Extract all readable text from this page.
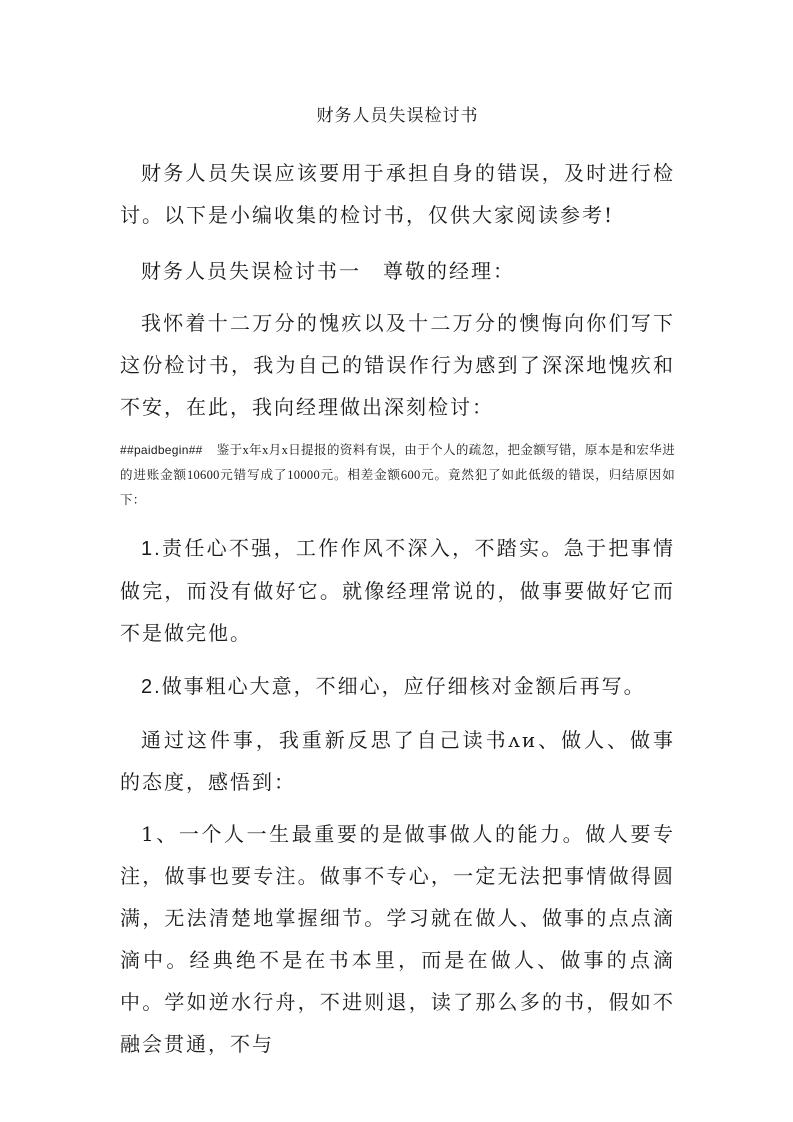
财务人员失误检讨书

财务人员失误应该要用于承担自身的错误，及时进行检讨。以下是小编收集的检讨书，仅供大家阅读参考!

财务人员失误检讨书一　尊敬的经理：

我怀着十二万分的愧疚以及十二万分的懊悔向你们写下这份检讨书，我为自己的错误作行为感到了深深地愧疚和不安，在此，我向经理做出深刻检讨：

##paidbegin## 鉴于x年x月x日提报的资料有误，由于个人的疏忽，把金额写错，原本是和宏华进的进账金额10600元错写成了10000元。相差金额600元。竟然犯了如此低级的错误，归结原因如下：

1.责任心不强，工作作风不深入，不踏实。急于把事情做完，而没有做好它。就像经理常说的，做事要做好它而不是做完他。

2.做事粗心大意，不细心，应仔细核对金额后再写。

通过这件事，我重新反思了自己读书ᴧᴎ、做人、做事的态度，感悟到：

1、一个人一生最重要的是做事做人的能力。做人要专注，做事也要专注。做事不专心，一定无法把事情做得圆满，无法清楚地掌握细节。学习就在做人、做事的点点滴滴中。经典绝不是在书本里，而是在做人、做事的点滴中。学如逆水行舟，不进则退，读了那么多的书，假如不融会贯通，不与
